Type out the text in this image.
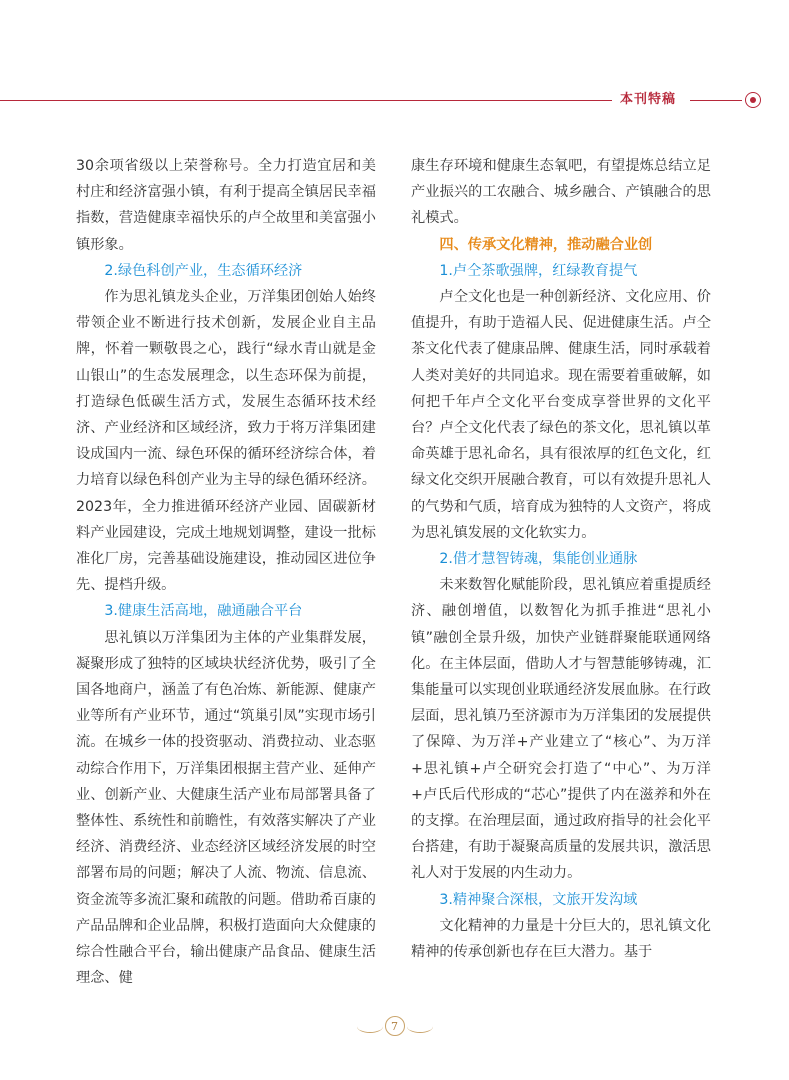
本刊特稿

30余项省级以上荣誉称号。全力打造宜居和美村庄和经济富强小镇，有利于提高全镇居民幸福指数，营造健康幸福快乐的卢仝故里和美富强小镇形象。

2.绿色科创产业，生态循环经济

作为思礼镇龙头企业，万洋集团创始人始终带领企业不断进行技术创新，发展企业自主品牌，怀着一颗敬畏之心，践行“绿水青山就是金山银山”的生态发展理念，以生态环保为前提，打造绿色低碳生活方式，发展生态循环技术经济、产业经济和区域经济，致力于将万洋集团建设成国内一流、绿色环保的循环经济综合体，着力培育以绿色科创产业为主导的绿色循环经济。2023年，全力推进循环经济产业园、固碳新材料产业园建设，完成土地规划调整，建设一批标准化厂房，完善基础设施建设，推动园区进位争先、提档升级。

3.健康生活高地，融通融合平台

思礼镇以万洋集团为主体的产业集群发展，凝聚形成了独特的区域块状经济优势，吸引了全国各地商户，涵盖了有色冶炼、新能源、健康产业等所有产业环节，通过“筑巢引凤”实现市场引流。在城乡一体的投资驱动、消费拉动、业态驱动综合作用下，万洋集团根据主营产业、延伸产业、创新产业、大健康生活产业布局部署具备了整体性、系统性和前瞻性，有效落实解决了产业经济、消费经济、业态经济区域经济发展的时空部署布局的问题；解决了人流、物流、信息流、资金流等多流汇聚和疏散的问题。借助希百康的产品品牌和企业品牌，积极打造面向大众健康的综合性融合平台，输出健康产品食品、健康生活理念、健

康生存环境和健康生态氧吧，有望提炼总结立足产业振兴的工农融合、城乡融合、产镇融合的思礼模式。

四、传承文化精神，推动融合业创
1.卢仝茶歌强牌，红绿教育提气

卢仝文化也是一种创新经济、文化应用、价值提升，有助于造福人民、促进健康生活。卢仝茶文化代表了健康品牌、健康生活，同时承载着人类对美好的共同追求。现在需要着重破解，如何把千年卢仝文化平台变成享誉世界的文化平台？卢仝文化代表了绿色的茶文化，思礼镇以革命英雄于思礼命名，具有很浓厚的红色文化，红绿文化交织开展融合教育，可以有效提升思礼人的气势和气质，培育成为独特的人文资产，将成为思礼镇发展的文化软实力。

2.借才慧智铸魂，集能创业通脉

未来数智化赋能阶段，思礼镇应着重提质经济、融创增值，以数智化为抓手推进“思礼小镇”融创全景升级，加快产业链群聚能联通网络化。在主体层面，借助人才与智慧能够铸魂，汇集能量可以实现创业联通经济发展血脉。在行政层面，思礼镇乃至济源市为万洋集团的发展提供了保障、为万洋+产业建立了“核心”、为万洋+思礼镇+卢仝研究会打造了“中心”、为万洋+卢氏后代形成的“芯心”提供了内在滋养和外在的支撑。在治理层面，通过政府指导的社会化平台搭建，有助于凝聚高质量的发展共识，激活思礼人对于发展的内生动力。

3.精神聚合深根，文旅开发沟域

文化精神的力量是十分巨大的，思礼镇文化精神的传承创新也存在巨大潜力。基于

7
